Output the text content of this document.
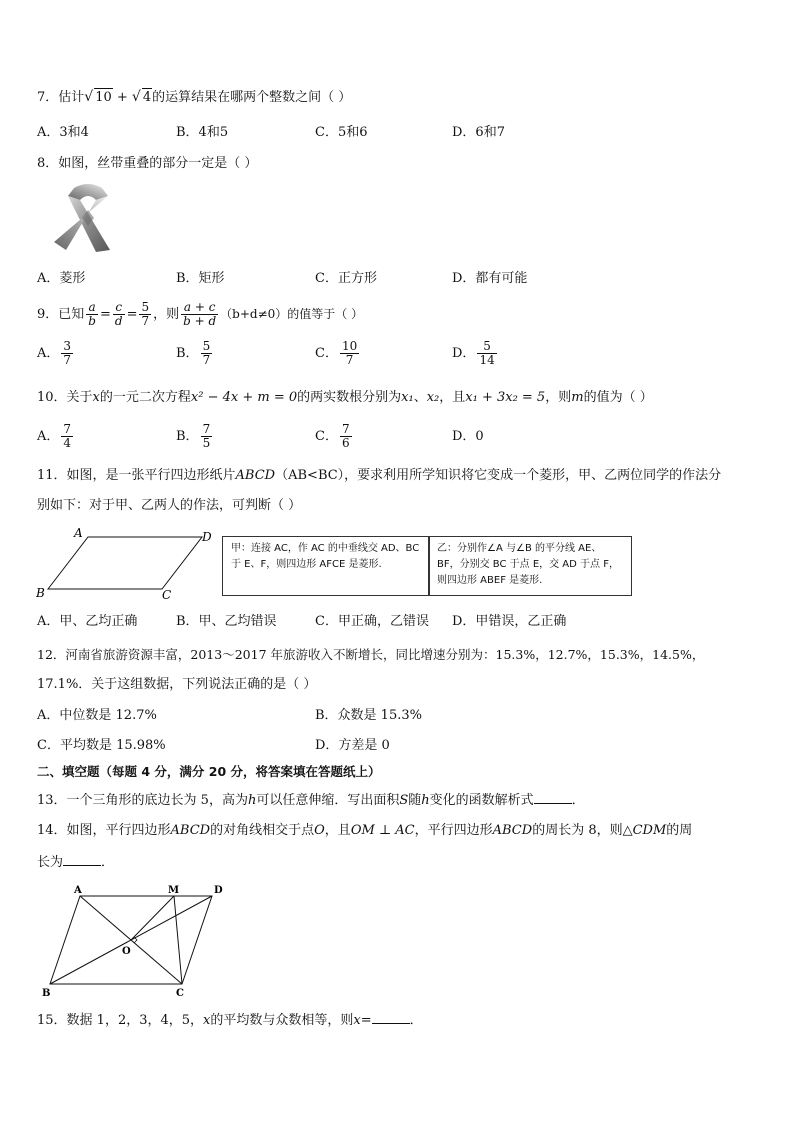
7．估计√ 10 + √ 4的运算结果在哪两个整数之间（ ）
A．3和4	B．4和5	C．5和6	D．6和7
8．如图，丝带重叠的部分一定是（ ）
A．菱形	B．矩形	C．正方形	D．都有可能
9．已知 $\frac{a}{b} = \frac{c}{d} = \frac{5}{7}$ ，则 $\frac{a + c}{b + d} (b+d\ne 0)$的值等于（ ）
A． $\frac{3}{7}$	B． $\frac{5}{7}$	C． $\frac{10}{7}$	D． $\frac{5}{14}$
10．关于x的一元二次方程x² − 4x + m = 0的两实数根分别为x₁、x₂，且x₁ + 3x₂ = 5，则m的值为（ ）
A． $\frac{7}{4}$	B． $\frac{7}{5}$	C． $\frac{7}{6}$	D．0
11．如图，是一张平行四边形纸片ABCD（AB<BC），要求利用所学知识将它变成一个菱形，甲、乙两位同学的作法分
别如下：对于甲、乙两人的作法，可判断（ ）
A	D
B	C
甲：连接 AC，作 AC 的中垂线交 AD、BC 于 E、F，则四边形 AFCE 是菱形.
乙：分别作∠A 与∠B 的平分线 AE、BF，分别交 BC 于点 E，交 AD 于点 F，则四边形 ABEF 是菱形.
A．甲、乙均正确	B．甲、乙均错误	C．甲正确，乙错误 D．甲错误，乙正确
12．河南省旅游资源丰富，2013～2017 年旅游收入不断增长，同比增速分别为：15.3%，12.7%，15.3%，14.5%，
17.1%．关于这组数据，下列说法正确的是（ ）
A．中位数是 12.7%	B．众数是 15.3%
C．平均数是 15.98%	D．方差是 0
二、填空题（每题 4 分，满分 20 分，将答案填在答题纸上）
13．一个三角形的底边长为 5，高为h可以任意伸缩．写出面积S随h变化的函数解析式	．
14．如图，平行四边形ABCD的对角线相交于点O，且OM ⊥ AC，平行四边形ABCD的周长为 8，则△CDM的周
长为	．
A	M	D
O
B	C
15．数据 1，2，3，4，5，x的平均数与众数相等，则x=	．
